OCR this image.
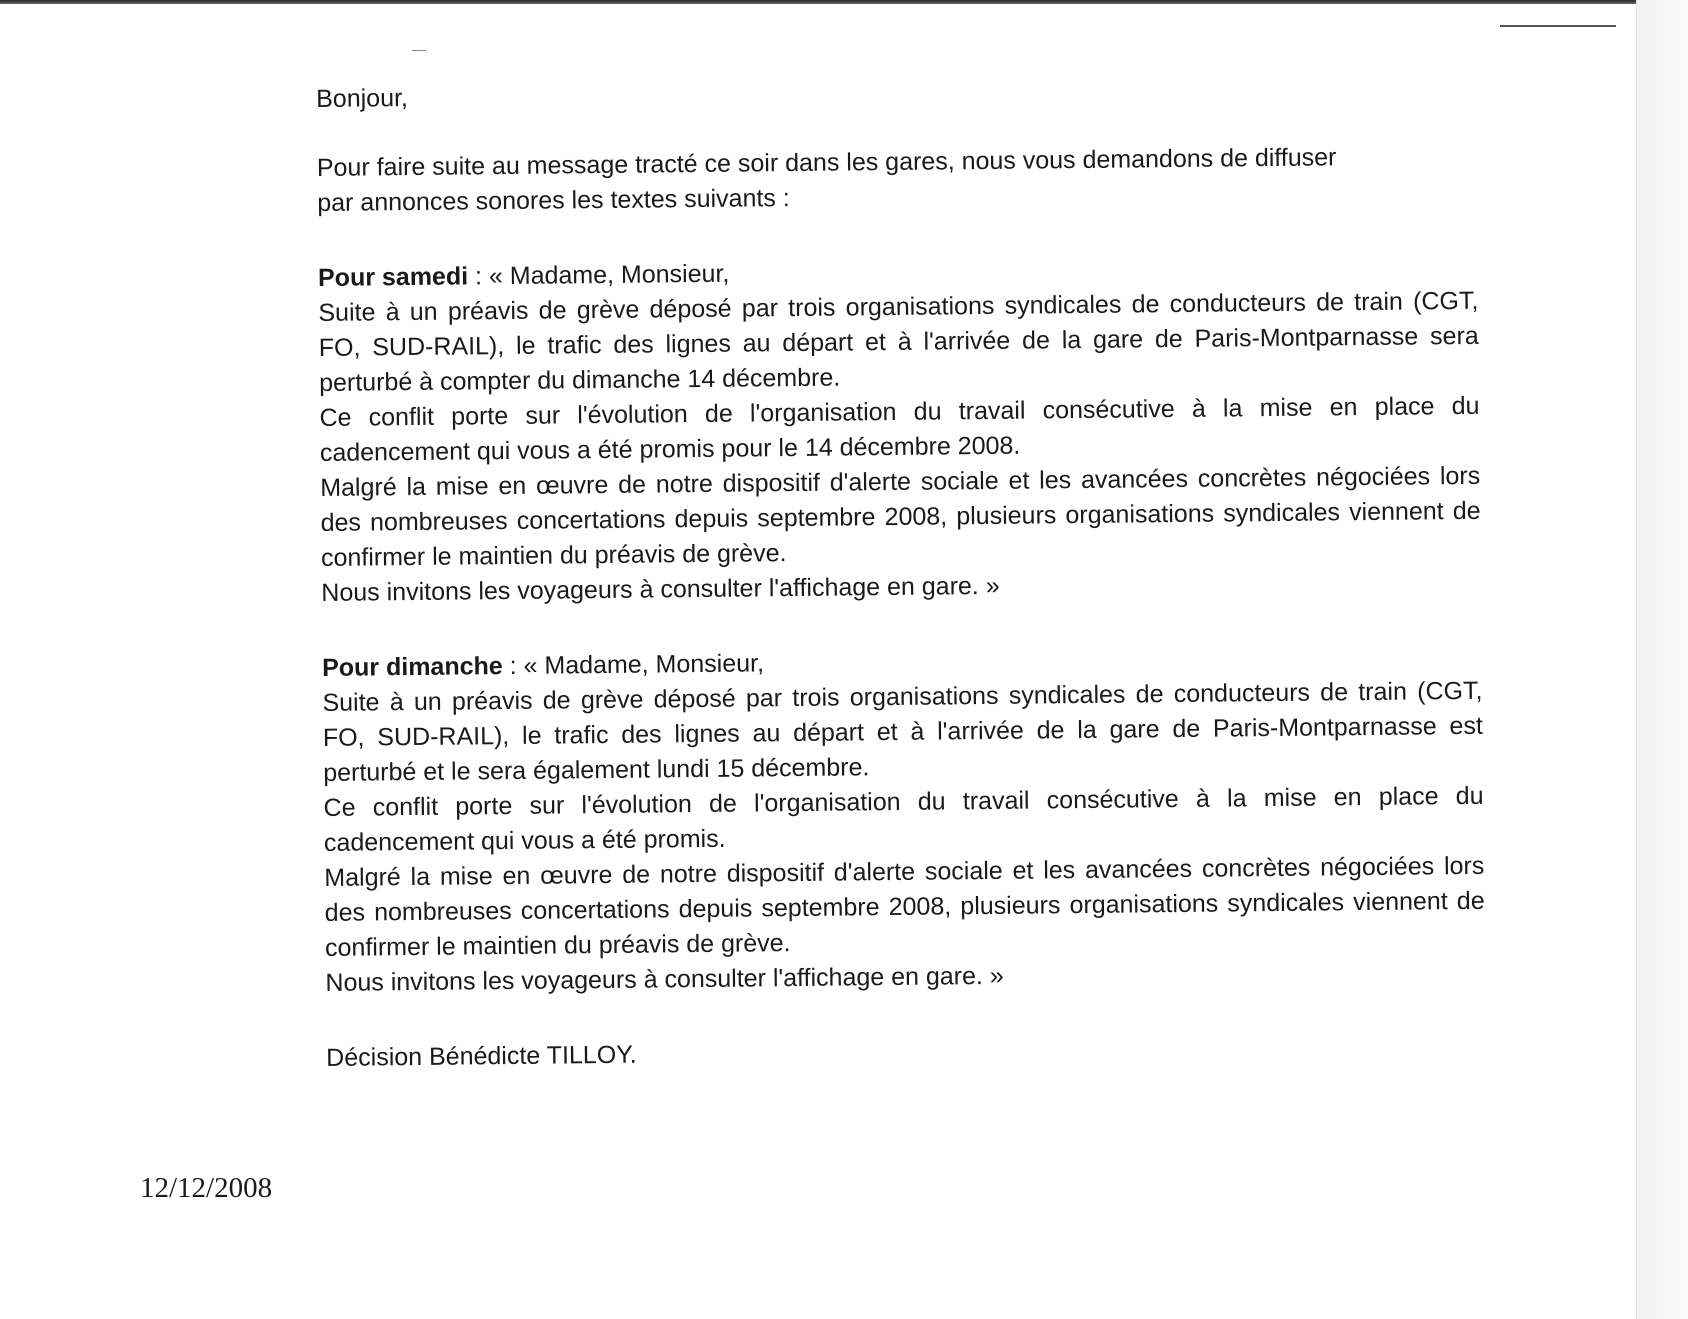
Bonjour,
Pour faire suite au message tracté ce soir dans les gares, nous vous demandons de diffuser
par annonces sonores les textes suivants :
Pour samedi : « Madame, Monsieur,
Suite à un préavis de grève déposé par trois organisations syndicales de conducteurs de train (CGT,
FO, SUD-RAIL), le trafic des lignes au départ et à l'arrivée de la gare de Paris-Montparnasse sera
perturbé à compter du dimanche 14 décembre.
Ce conflit porte sur l'évolution de l'organisation du travail consécutive à la mise en place du
cadencement qui vous a été promis pour le 14 décembre 2008.
Malgré la mise en œuvre de notre dispositif d'alerte sociale et les avancées concrètes négociées lors
des nombreuses concertations depuis septembre 2008, plusieurs organisations syndicales viennent de
confirmer le maintien du préavis de grève.
Nous invitons les voyageurs à consulter l'affichage en gare. »
Pour dimanche : « Madame, Monsieur,
Suite à un préavis de grève déposé par trois organisations syndicales de conducteurs de train (CGT,
FO, SUD-RAIL), le trafic des lignes au départ et à l'arrivée de la gare de Paris-Montparnasse est
perturbé et le sera également lundi 15 décembre.
Ce conflit porte sur l'évolution de l'organisation du travail consécutive à la mise en place du
cadencement qui vous a été promis.
Malgré la mise en œuvre de notre dispositif d'alerte sociale et les avancées concrètes négociées lors
des nombreuses concertations depuis septembre 2008, plusieurs organisations syndicales viennent de
confirmer le maintien du préavis de grève.
Nous invitons les voyageurs à consulter l'affichage en gare. »
Décision Bénédicte TILLOY.
12/12/2008
